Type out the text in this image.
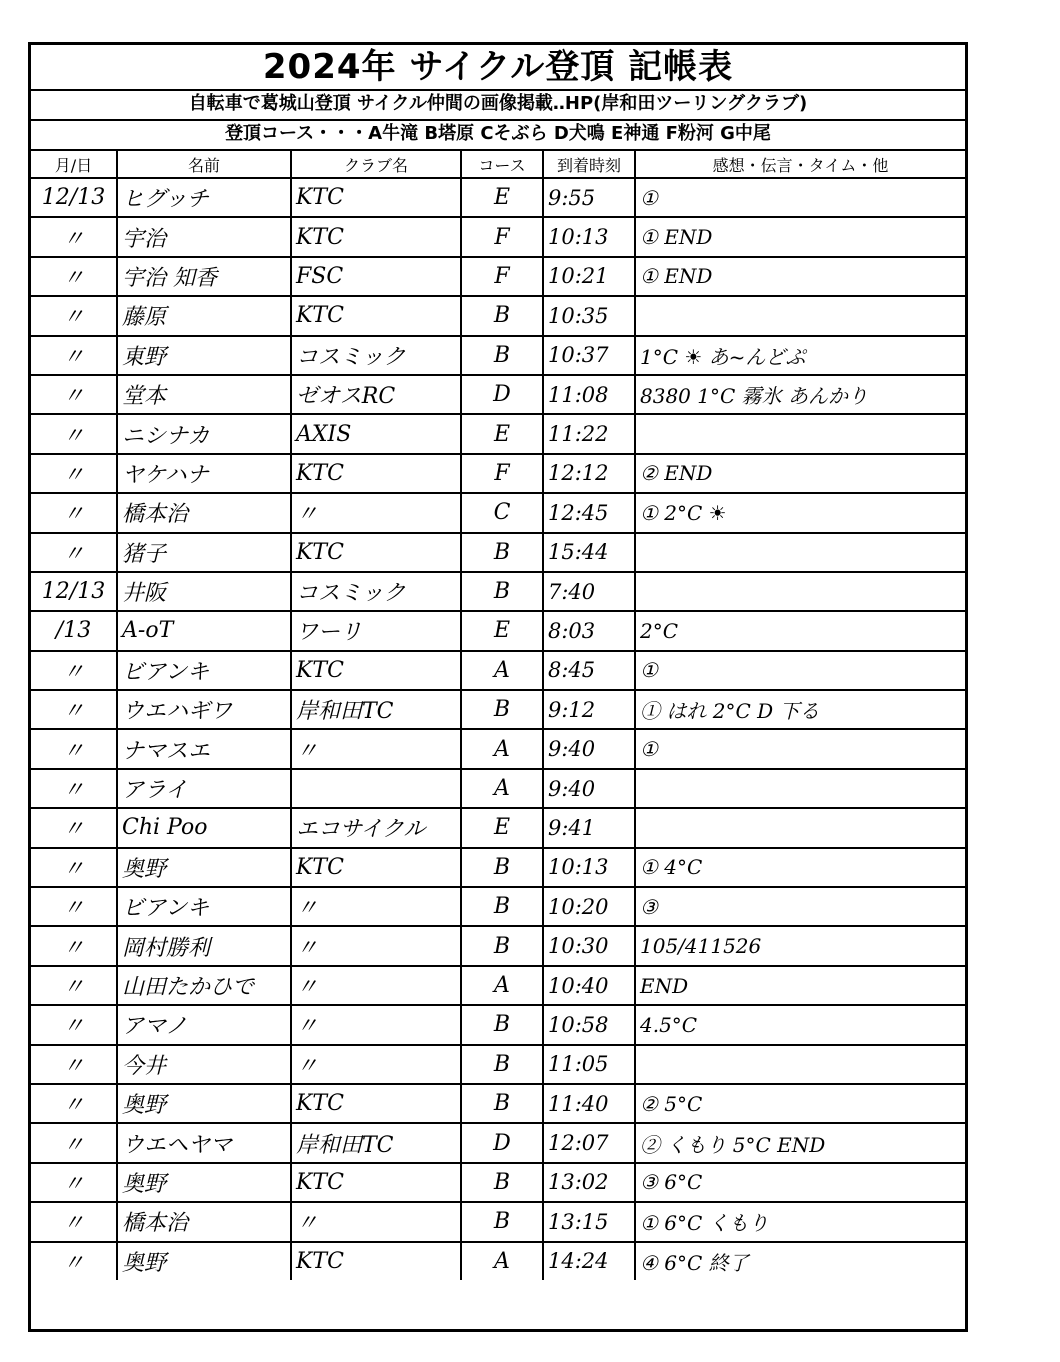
2024年 サイクル登頂 記帳表
自転車で葛城山登頂 サイクル仲間の画像掲載‥HP(岸和田ツーリングクラブ)
登頂コース・・・A牛滝 B塔原 Cそぶら D犬鳴 E神通 F粉河 G中尾
月/日	名前	クラブ名	コース	到着時刻	感想・伝言・タイム・他
12/13	ヒグッチ	KTC	E	9:55	①
〃	宇治	KTC	F	10:13	① END
〃	宇治 知香	FSC	F	10:21	① END
〃	藤原	KTC	B	10:35	
〃	東野	コスミック	B	10:37	1°C ☀ あ~んどぷ
〃	堂本	ゼオスRC	D	11:08	8380 1°C 霧氷 あんかり
〃	ニシナカ	AXIS	E	11:22	
〃	ヤケハナ	KTC	F	12:12	② END
〃	橋本治	〃	C	12:45	① 2°C ☀
〃	猪子	KTC	B	15:44	
12/13	井阪	コスミック	B	7:40	
/13	A-oT	ワーリ	E	8:03	2°C
〃	ビアンキ	KTC	A	8:45	①
〃	ウエハギワ	岸和田TC	B	9:12	① はれ 2°C D 下る
〃	ナマスエ	〃	A	9:40	①
〃	アライ		A	9:40	
〃	Chi Poo	エコサイクル	E	9:41	
〃	奥野	KTC	B	10:13	① 4°C
〃	ビアンキ	〃	B	10:20	③
〃	岡村勝利	〃	B	10:30	105/411526
〃	山田たかひで	〃	A	10:40	END
〃	アマノ	〃	B	10:58	4.5°C
〃	今井	〃	B	11:05	
〃	奥野	KTC	B	11:40	② 5°C
〃	ウエヘヤマ	岸和田TC	D	12:07	② くもり 5°C END
〃	奥野	KTC	B	13:02	③ 6°C
〃	橋本治	〃	B	13:15	① 6°C くもり
〃	奥野	KTC	A	14:24	④ 6°C 終了
